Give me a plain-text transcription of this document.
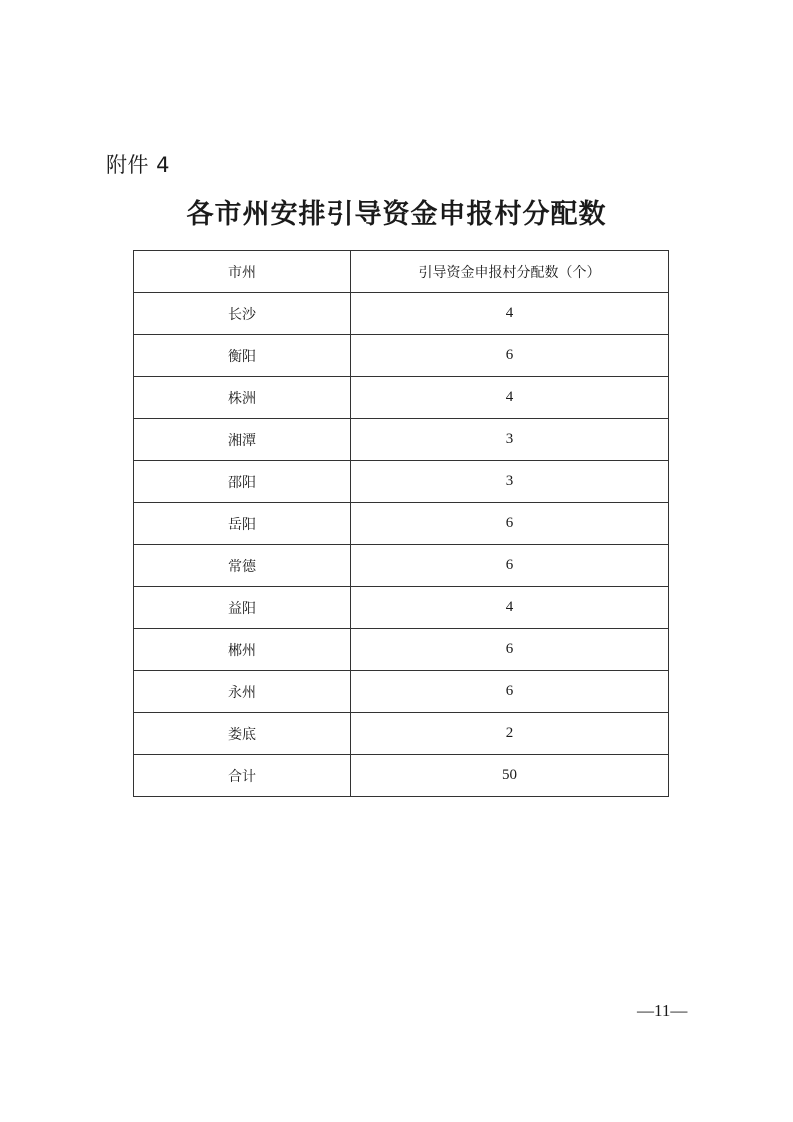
附件 4
各市州安排引导资金申报村分配数
市州	引导资金申报村分配数（个）
长沙	4
衡阳	6
株洲	4
湘潭	3
邵阳	3
岳阳	6
常德	6
益阳	4
郴州	6
永州	6
娄底	2
合计	50
—11—
